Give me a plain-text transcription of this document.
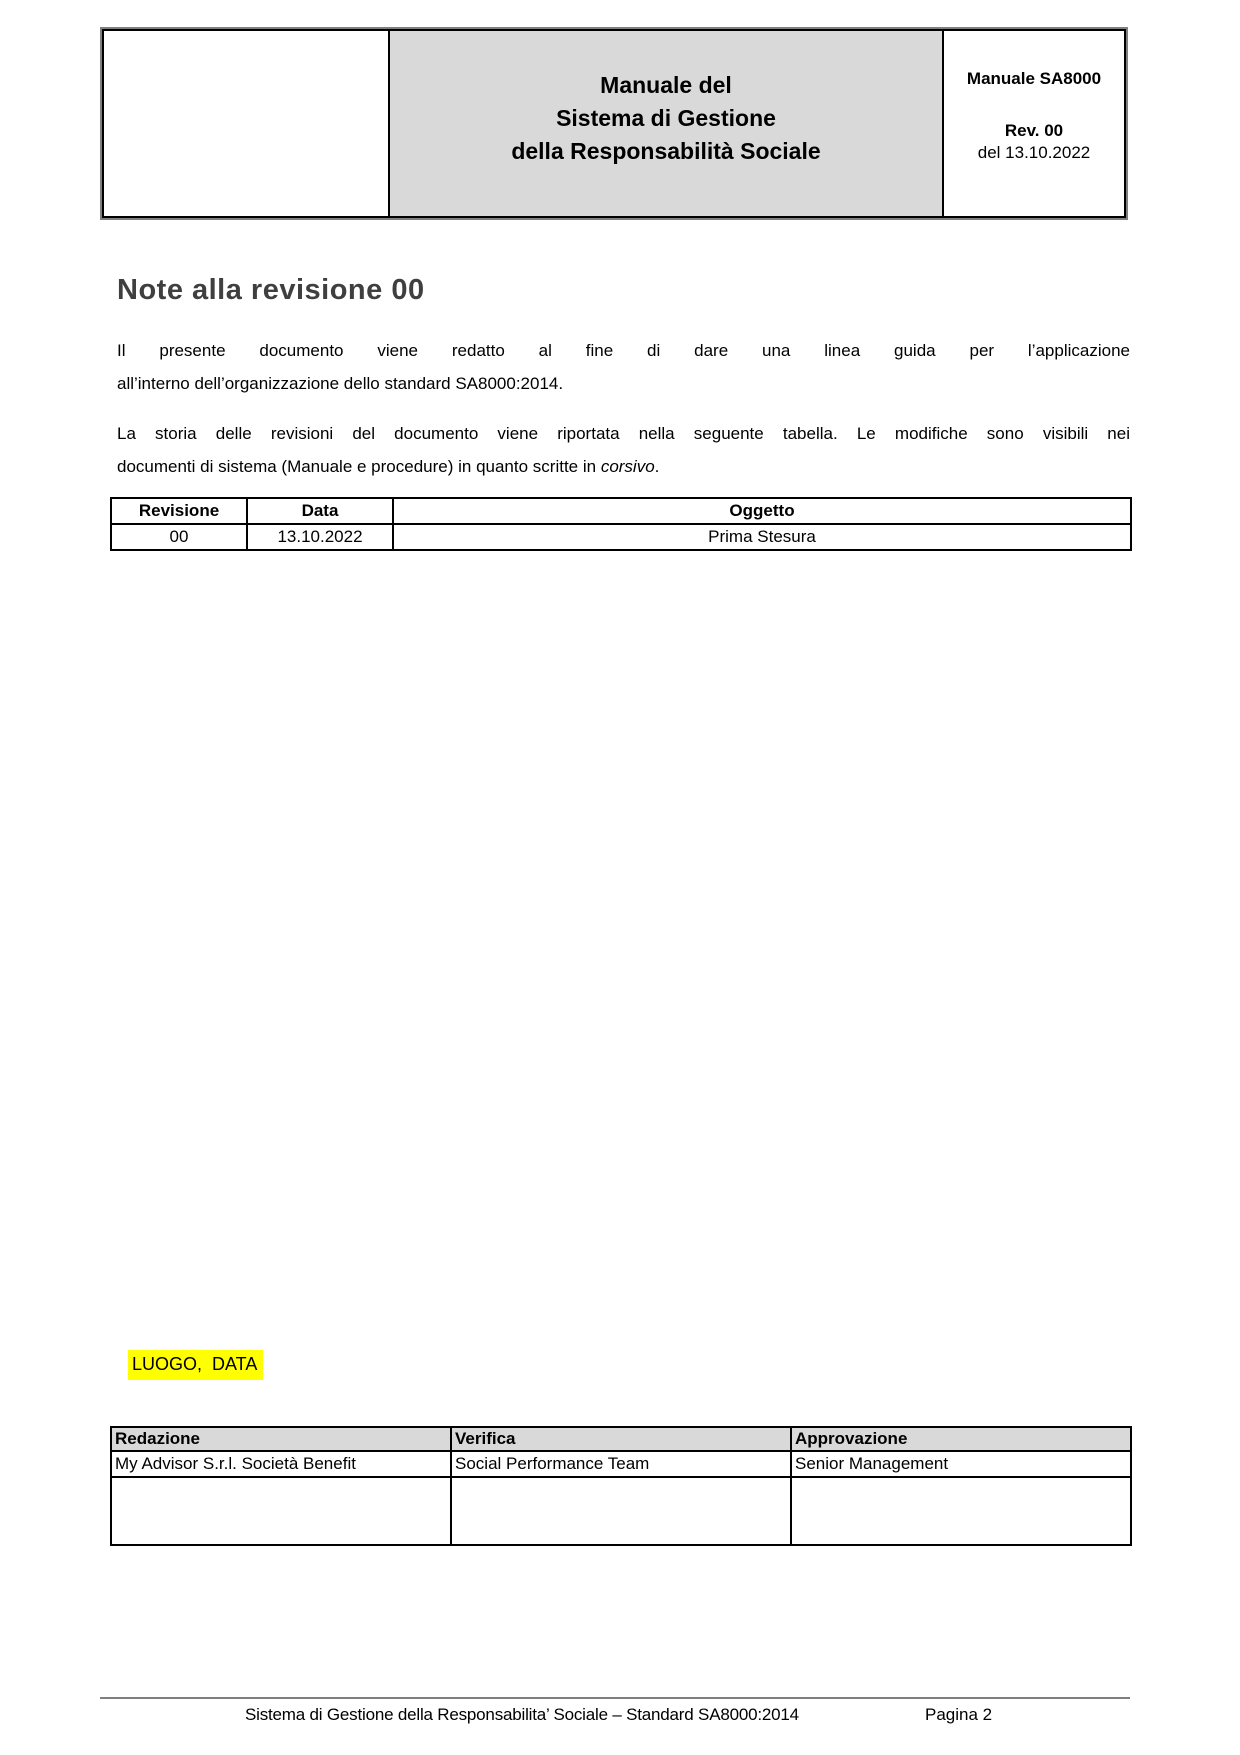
Manuale del
Sistema di Gestione
della Responsabilità Sociale
Manuale SA8000
Rev. 00
del 13.10.2022
Note alla revisione 00
Il presente documento viene redatto al fine di dare una linea guida per l’applicazione
all’interno dell’organizzazione dello standard SA8000:2014.
La storia delle revisioni del documento viene riportata nella seguente tabella. Le modifiche sono visibili nei
documenti di sistema (Manuale e procedure) in quanto scritte in corsivo.
Revisione	Data	Oggetto
00	13.10.2022	Prima Stesura
LUOGO,  DATA
Redazione	Verifica	Approvazione
My Advisor S.r.l. Società Benefit	Social Performance Team	Senior Management

Sistema di Gestione della Responsabilita’ Sociale – Standard SA8000:2014	Pagina 2
